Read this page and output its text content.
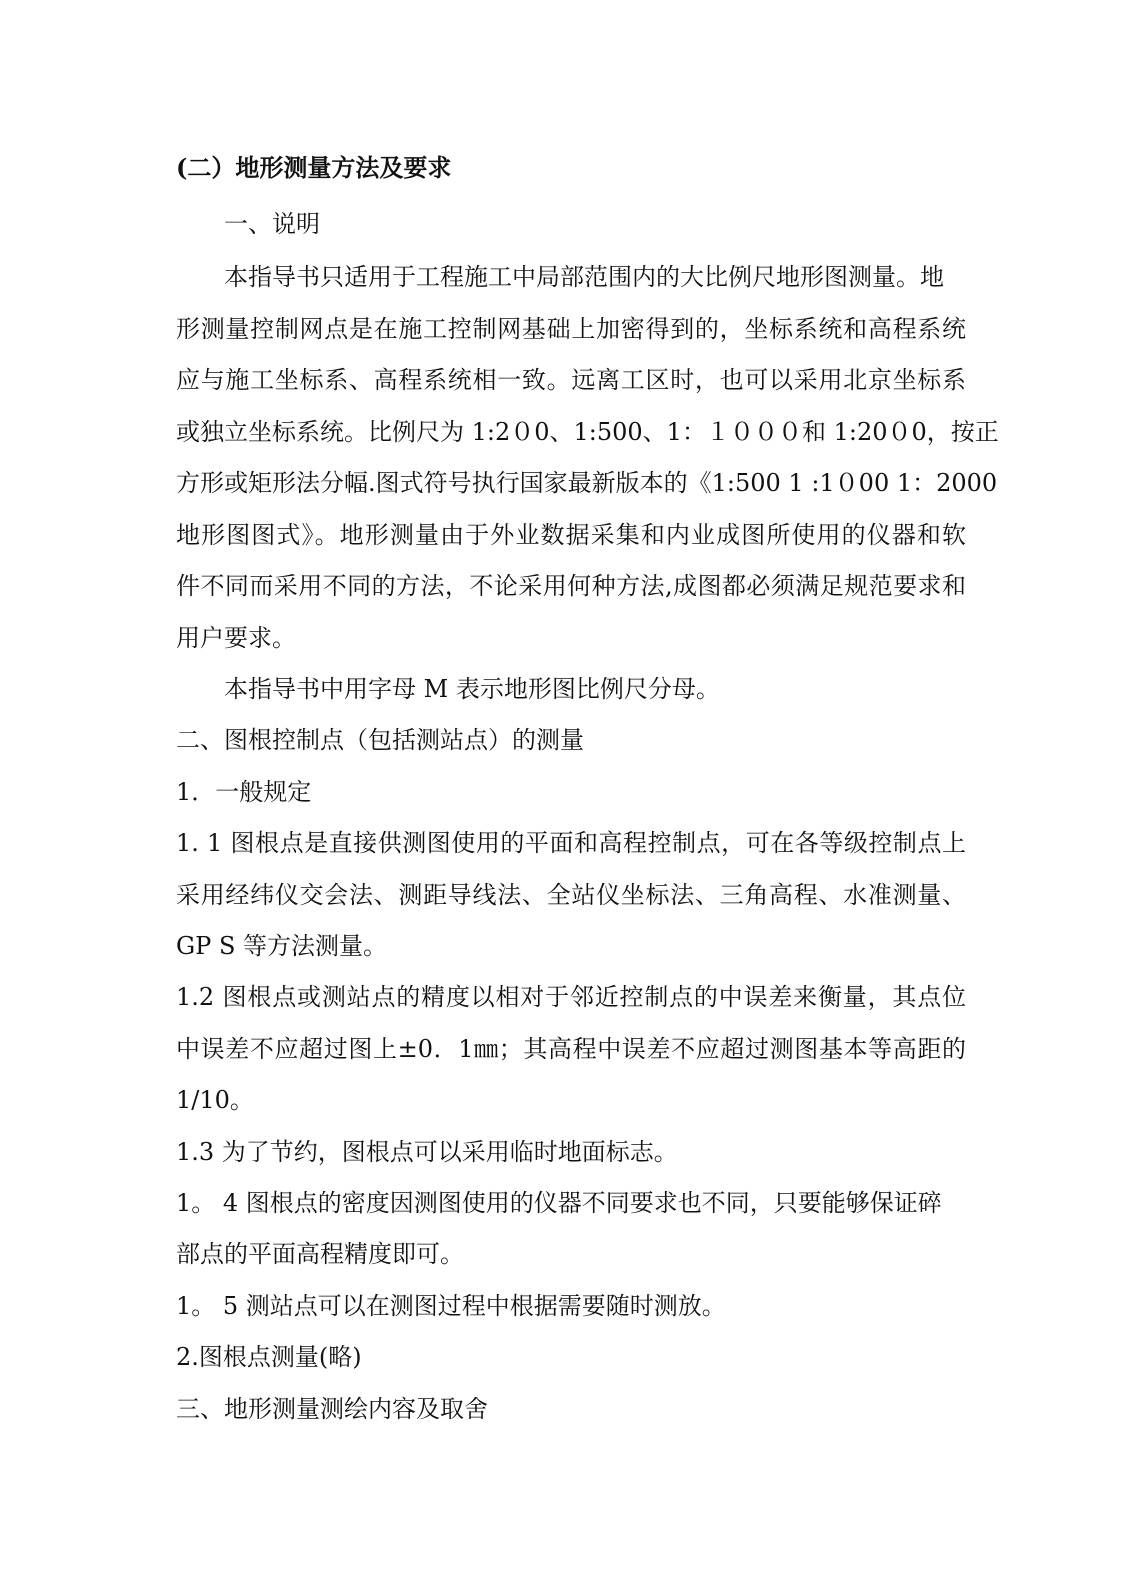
(二）地形测量方法及要求
一、说明
本指导书只适用于工程施工中局部范围内的大比例尺地形图测量。地
形测量控制网点是在施工控制网基础上加密得到的，坐标系统和高程系统
应与施工坐标系、高程系统相一致。远离工区时，也可以采用北京坐标系
或独立坐标系统。比例尺为 1:2０0、1:500、1：１０００和 1:20０0，按正
方形或矩形法分幅.图式符号执行国家最新版本的《1:500 1 :1０00 1：2000
地形图图式》。地形测量由于外业数据采集和内业成图所使用的仪器和软
件不同而采用不同的方法，不论采用何种方法,成图都必须满足规范要求和
用户要求。
本指导书中用字母 M 表示地形图比例尺分母。
二、图根控制点（包括测站点）的测量
1．一般规定
1. 1 图根点是直接供测图使用的平面和高程控制点，可在各等级控制点上
采用经纬仪交会法、测距导线法、全站仪坐标法、三角高程、水准测量、
GP S 等方法测量。
1.2 图根点或测站点的精度以相对于邻近控制点的中误差来衡量，其点位
中误差不应超过图上±0．1㎜；其高程中误差不应超过测图基本等高距的
1/10。
1.3 为了节约，图根点可以采用临时地面标志。
1。 4 图根点的密度因测图使用的仪器不同要求也不同，只要能够保证碎
部点的平面高程精度即可。
1。 5 测站点可以在测图过程中根据需要随时测放。
2.图根点测量(略)
三、地形测量测绘内容及取舍
